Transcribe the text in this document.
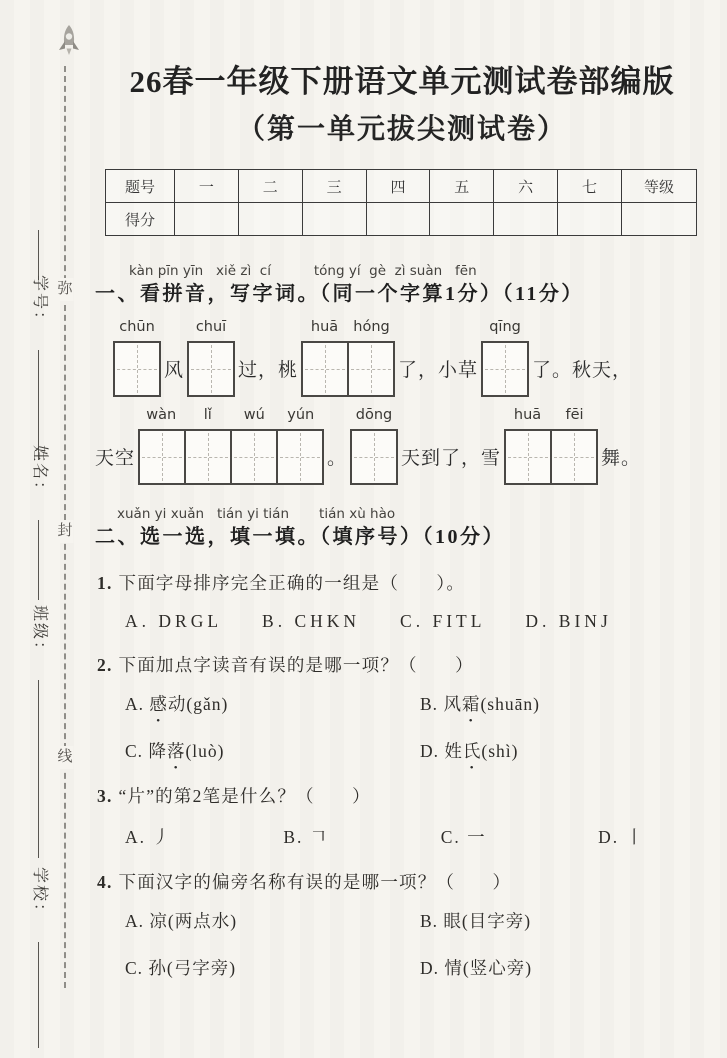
弥
封
线
学号：
姓名：
班级：
学校：
26春一年级下册语文单元测试卷部编版
（第一单元拔尖测试卷）
题号	一	二	三	四	五	六	七	等级
得分								
kàn pīn yīn   xiě zì  cí          tóng yí  gè  zì suàn   fēn
一、看拼音，写字词。（同一个字算1分）（11分）
chūn
风
chuī
过，桃
huā	hóng
了，小草
qīng
了。秋天，
天空
wàn	lǐ	wú	yún
。
dōng
天到了，雪
huā	fēi
舞。
xuǎn yi xuǎn   tián yi tián       tián xù hào
二、选一选，填一填。（填序号）（10分）
1. 下面字母排序完全正确的一组是（　　）。
A. DRGL B. CHKN C. FITL D. BINJ
2. 下面加点字读音有误的是哪一项？（　　）
A. 感动(gǎn)	B. 风霜(shuān)
C. 降落(luò)	D. 姓氏(shì)
3. “片”的第2笔是什么？（　　）
A. 丿	B. 𠃍	C. 一	D. 丨
4. 下面汉字的偏旁名称有误的是哪一项？（　　）
A. 凉(两点水)	B. 眼(目字旁)
C. 孙(弓字旁)	D. 情(竖心旁)
